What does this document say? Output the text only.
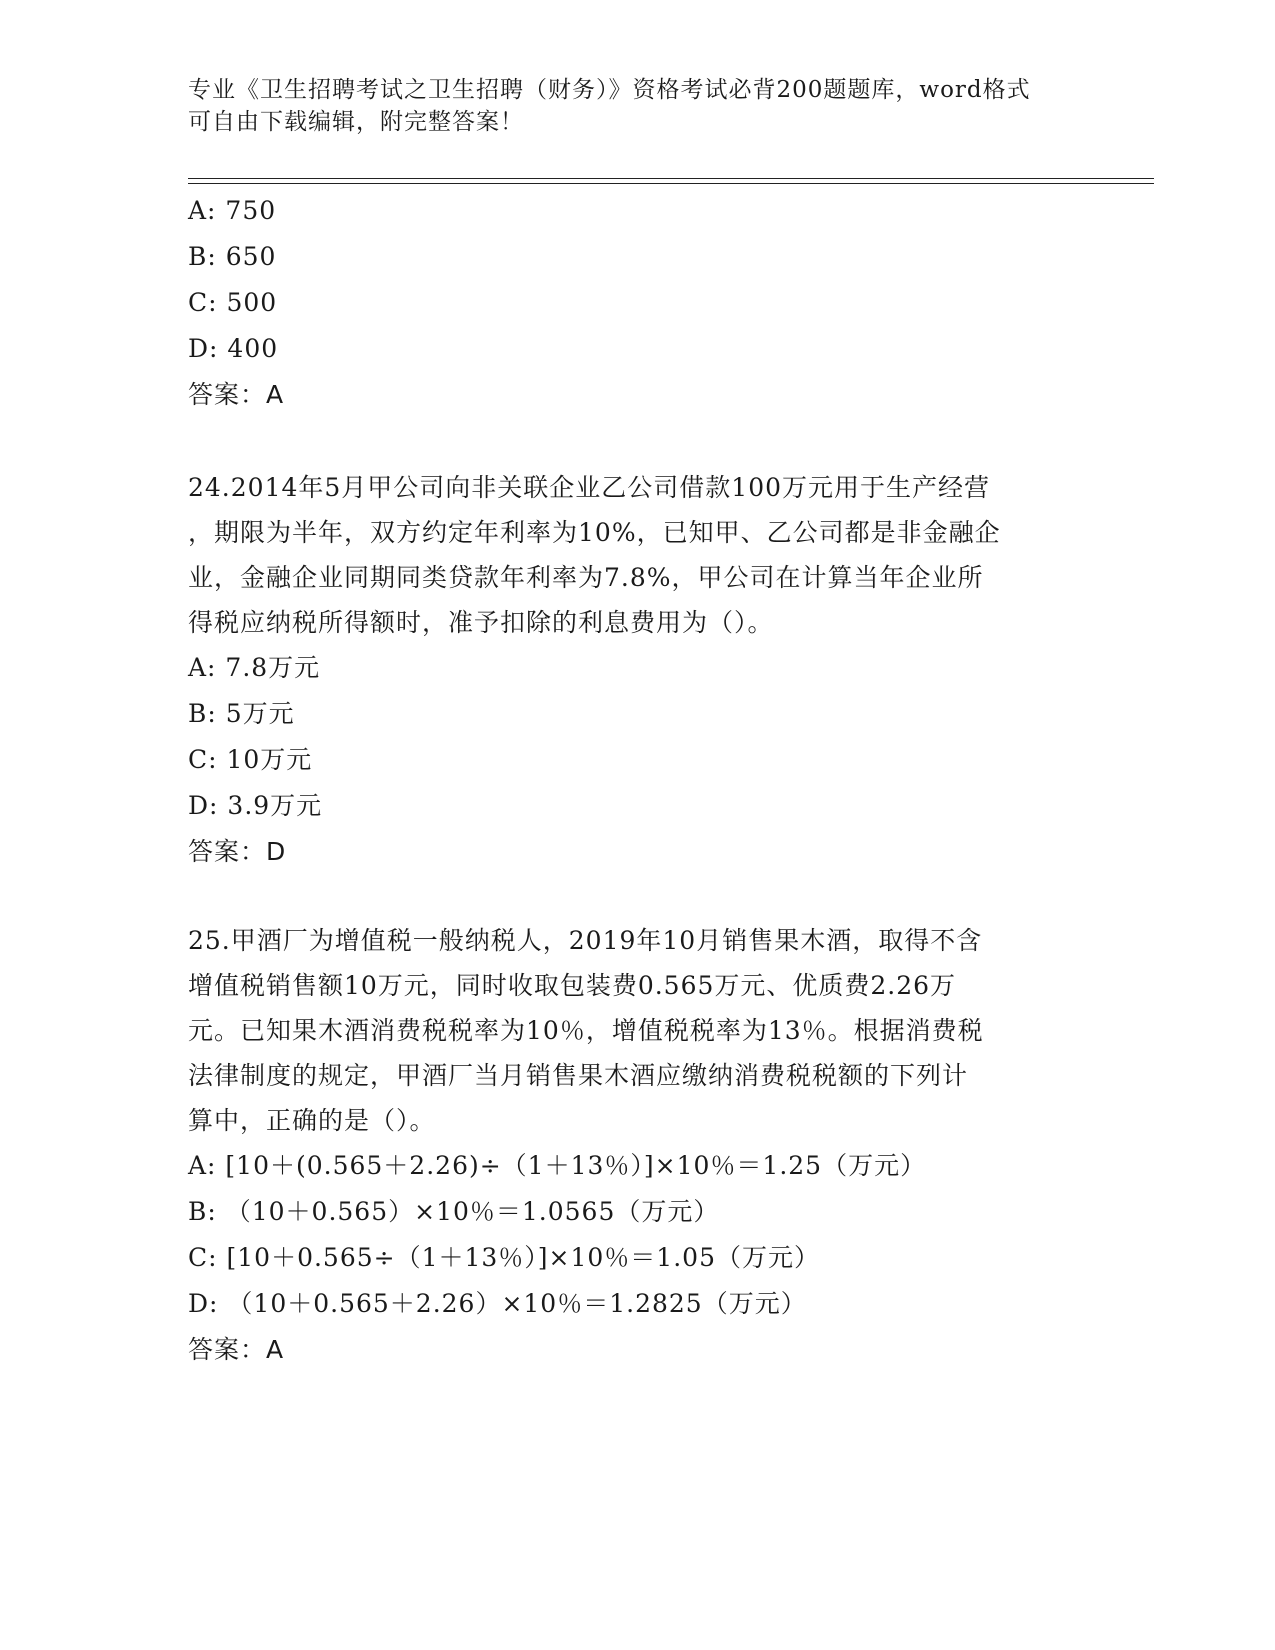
专业《卫生招聘考试之卫生招聘（财务）》资格考试必背200题题库，word格式
可自由下载编辑，附完整答案！
A: 750
B: 650
C: 500
D: 400
答案：A
24.2014年5月甲公司向非关联企业乙公司借款100万元用于生产经营
，期限为半年，双方约定年利率为10%，已知甲、乙公司都是非金融企
业，金融企业同期同类贷款年利率为7.8%，甲公司在计算当年企业所
得税应纳税所得额时，准予扣除的利息费用为（）。
A: 7.8万元
B: 5万元
C: 10万元
D: 3.9万元
答案：D
25.甲酒厂为增值税一般纳税人，2019年10月销售果木酒，取得不含
增值税销售额10万元，同时收取包装费0.565万元、优质费2.26万
元。已知果木酒消费税税率为10％，增值税税率为13％。根据消费税
法律制度的规定，甲酒厂当月销售果木酒应缴纳消费税税额的下列计
算中，正确的是（）。
A: [10＋(0.565＋2.26)÷（1＋13％）]×10％＝1.25（万元）
B: （10＋0.565）×10％＝1.0565（万元）
C: [10＋0.565÷（1＋13％）]×10％＝1.05（万元）
D: （10＋0.565＋2.26）×10％＝1.2825（万元）
答案：A
